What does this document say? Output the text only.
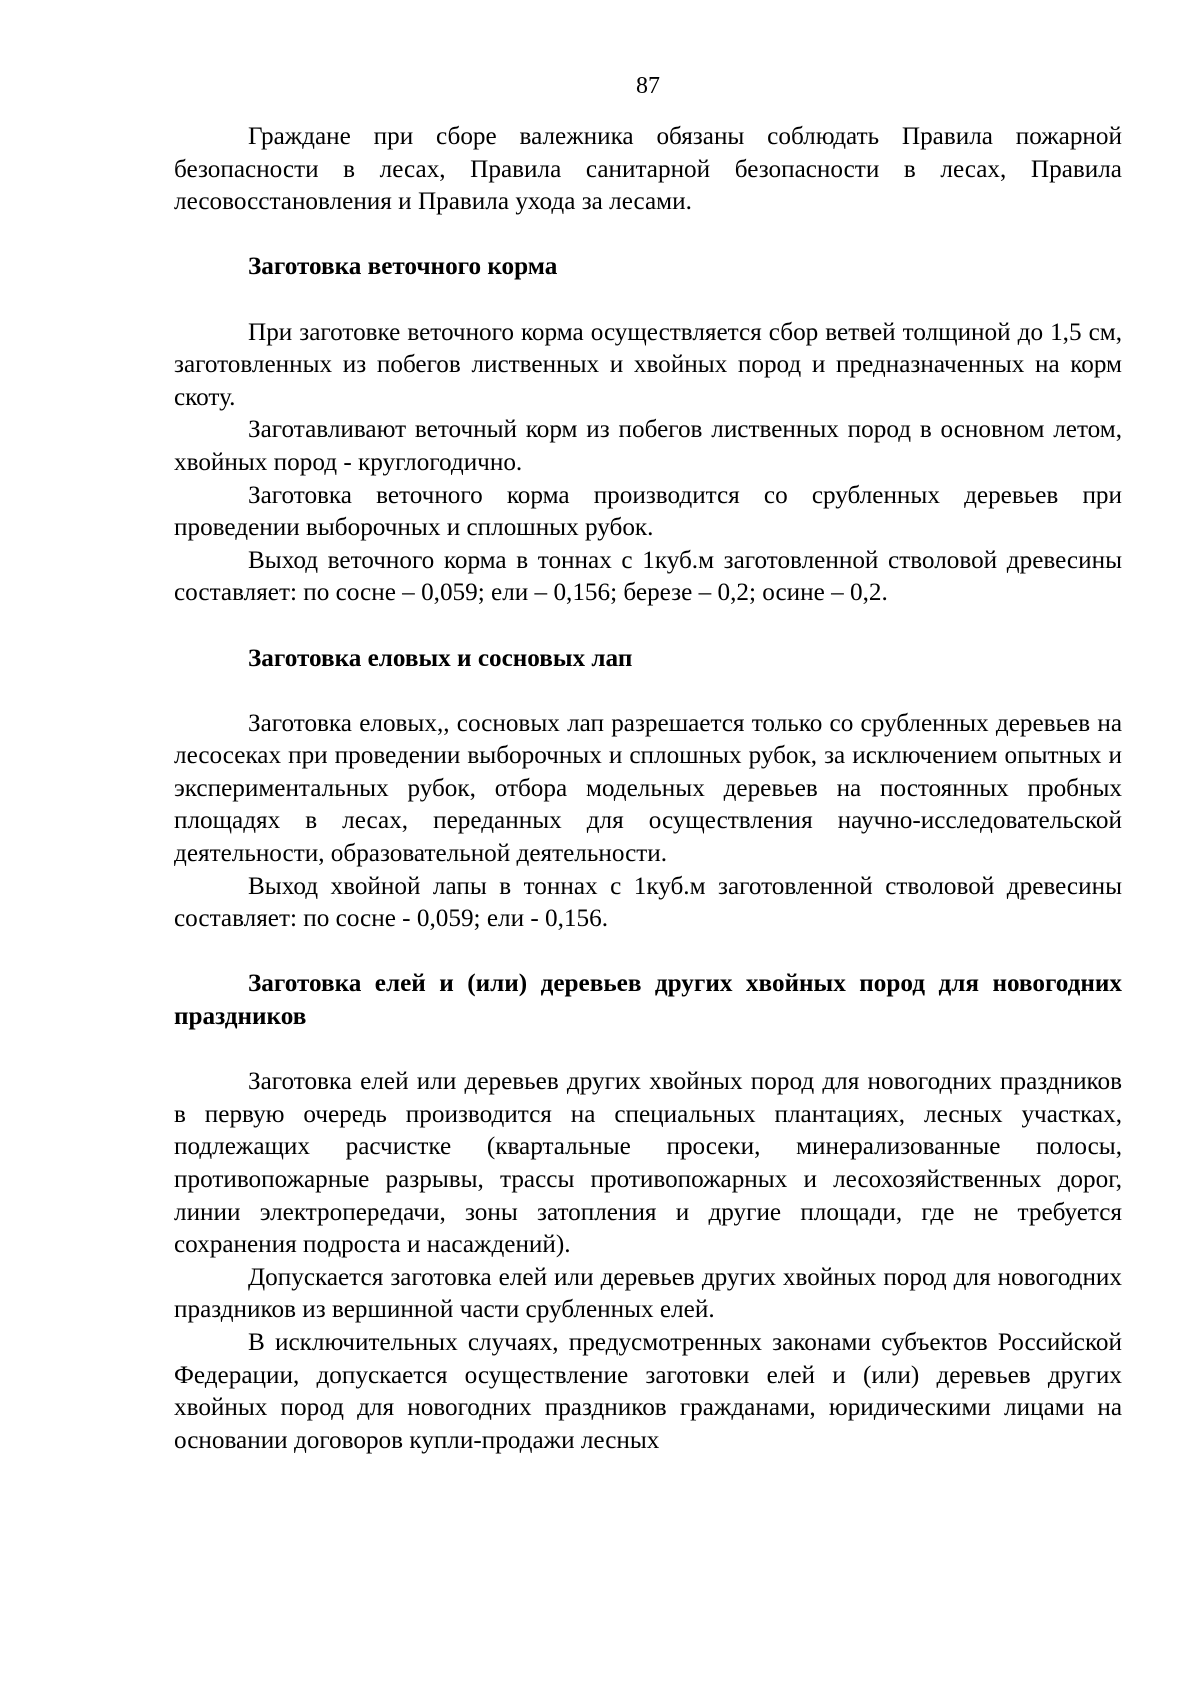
87

Граждане при сборе валежника обязаны соблюдать Правила пожарной безопасности в лесах, Правила санитарной безопасности в лесах, Правила лесовосстановления и Правила ухода за лесами.

Заготовка веточного корма

При заготовке веточного корма осуществляется сбор ветвей толщиной до 1,5 см, заготовленных из побегов лиственных и хвойных пород и предназначенных на корм скоту.

Заготавливают веточный корм из побегов лиственных пород в основном летом, хвойных пород - круглогодично.

Заготовка веточного корма производится со срубленных деревьев при проведении выборочных и сплошных рубок.

Выход веточного корма в тоннах с 1куб.м заготовленной стволовой древесины составляет: по сосне – 0,059; ели – 0,156; березе – 0,2; осине – 0,2.

Заготовка еловых и сосновых лап

Заготовка еловых,, сосновых лап разрешается только со срубленных деревьев на лесосеках при проведении выборочных и сплошных рубок, за исключением опытных и экспериментальных рубок, отбора модельных деревьев на постоянных пробных площадях в лесах, переданных для осуществления научно-исследовательской деятельности, образовательной деятельности.

Выход хвойной лапы в тоннах с 1куб.м заготовленной стволовой древесины составляет: по сосне - 0,059; ели - 0,156.

Заготовка елей и (или) деревьев других хвойных пород для новогодних праздников

Заготовка елей или деревьев других хвойных пород для новогодних праздников в первую очередь производится на специальных плантациях, лесных участках, подлежащих расчистке (квартальные просеки, минерализованные полосы, противопожарные разрывы, трассы противопожарных и лесохозяйственных дорог, линии электропередачи, зоны затопления и другие площади, где не требуется сохранения подроста и насаждений).

Допускается заготовка елей или деревьев других хвойных пород для новогодних праздников из вершинной части срубленных елей.

В исключительных случаях, предусмотренных законами субъектов Российской Федерации, допускается осуществление заготовки елей и (или) деревьев других хвойных пород для новогодних праздников гражданами, юридическими лицами на основании договоров купли-продажи лесных
